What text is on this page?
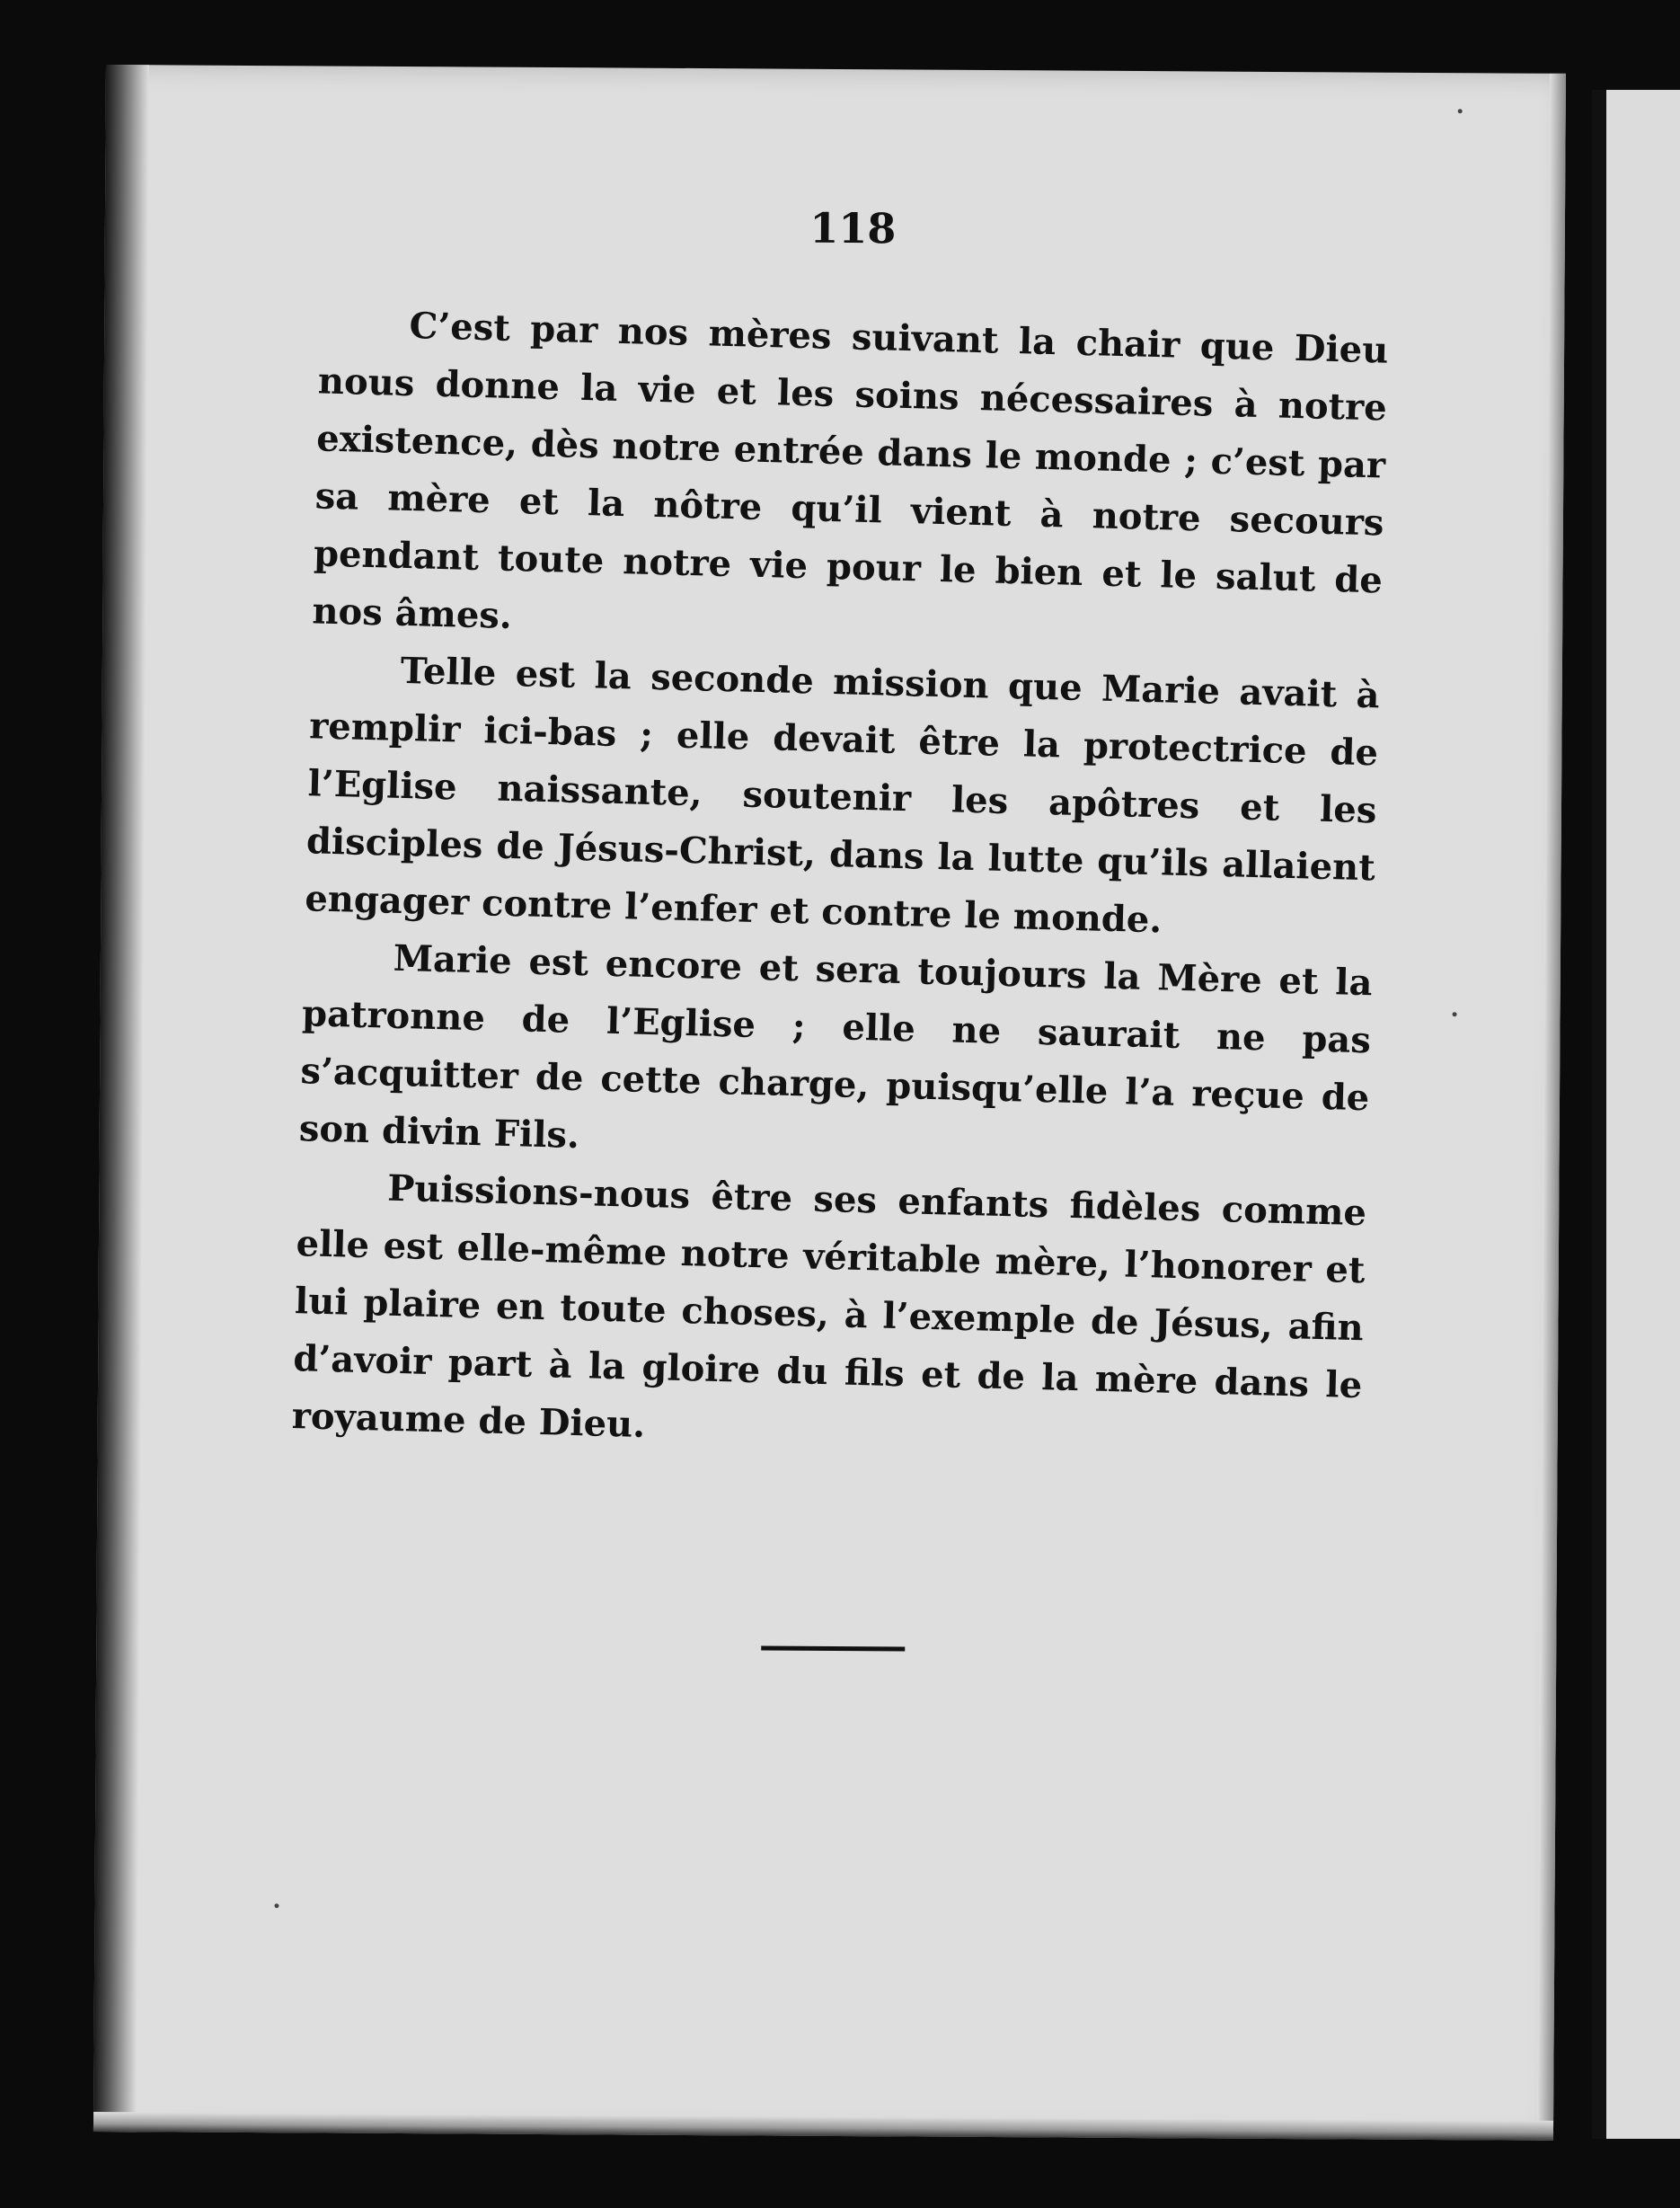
118

C’est par nos mères suivant la chair que Dieu nous donne la vie et les soins nécessaires à notre existence, dès notre entrée dans le monde ; c’est par sa mère et la nôtre qu’il vient à notre secours pendant toute notre vie pour le bien et le salut de nos âmes.

Telle est la seconde mission que Marie avait à remplir ici-bas ; elle devait être la protectrice de l’Eglise naissante, soutenir les apôtres et les disciples de Jésus-Christ, dans la lutte qu’ils allaient engager contre l’enfer et contre le monde.

Marie est encore et sera toujours la Mère et la patronne de l’Eglise ; elle ne saurait ne pas s’acquitter de cette charge, puisqu’elle l’a reçue de son divin Fils.

Puissions-nous être ses enfants fidèles comme elle est elle-même notre véritable mère, l’honorer et lui plaire en toute choses, à l’exemple de Jésus, afin d’avoir part à la gloire du fils et de la mère dans le royaume de Dieu.
